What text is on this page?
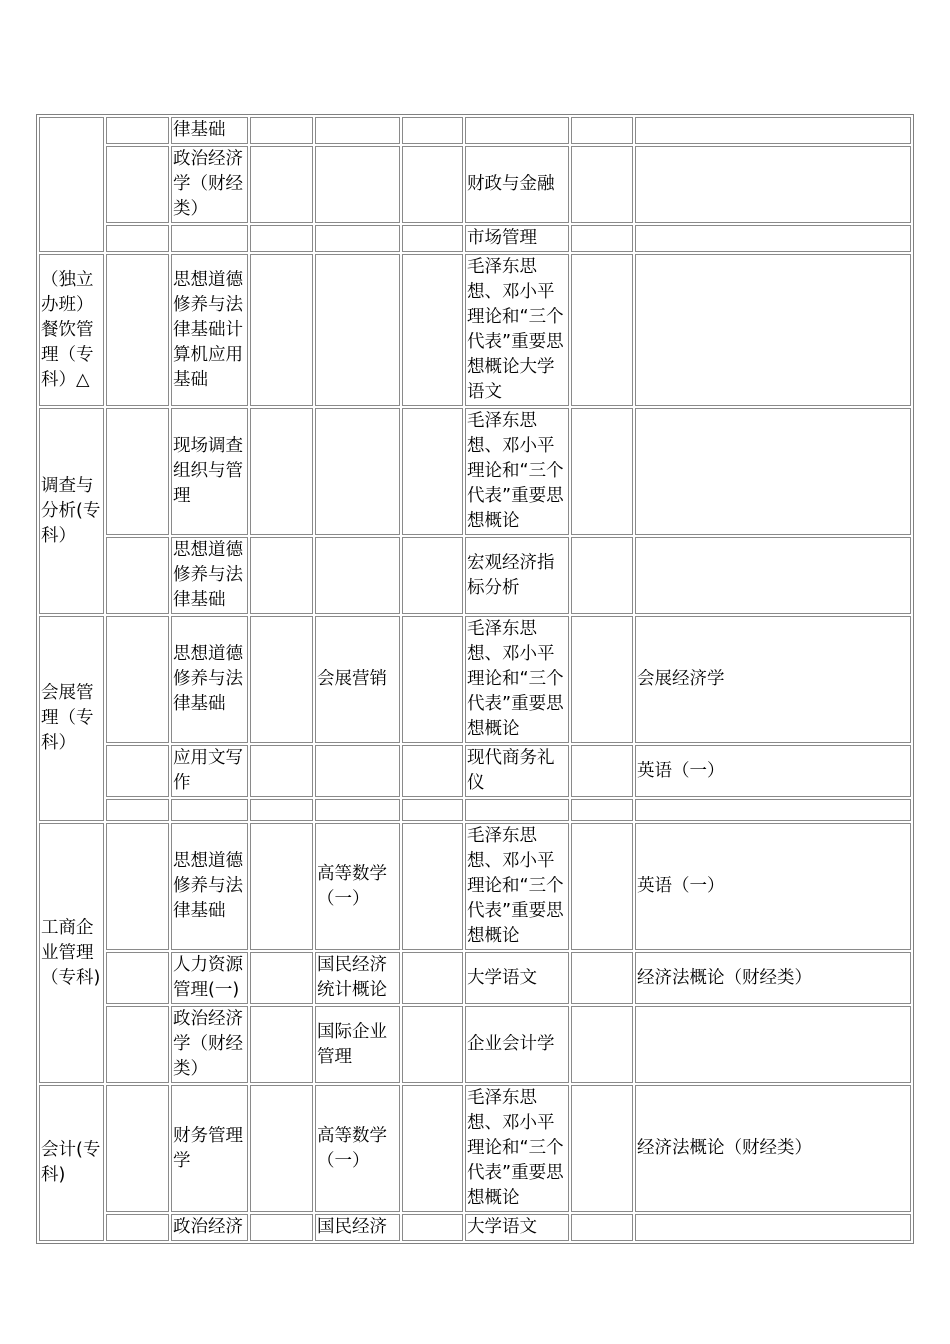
		律基础						
		政治经济学（财经类）				财政与金融		
						市场管理		
（独立办班）餐饮管理（专科）△		思想道德修养与法律基础计算机应用基础				毛泽东思想、邓小平理论和“三个代表”重要思想概论大学语文		
调查与分析(专科）		现场调查组织与管理				毛泽东思想、邓小平理论和“三个代表”重要思想概论		
		思想道德修养与法律基础				宏观经济指标分析		
会展管理（专科）		思想道德修养与法律基础		会展营销		毛泽东思想、邓小平理论和“三个代表”重要思想概论		会展经济学
		应用文写作				现代商务礼仪		英语（一）

工商企业管理（专科)		思想道德修养与法律基础		高等数学（一）		毛泽东思想、邓小平理论和“三个代表”重要思想概论		英语（一）
		人力资源管理(一)		国民经济统计概论		大学语文		经济法概论（财经类）
		政治经济学（财经类）		国际企业管理		企业会计学		
会计(专科)		财务管理学		高等数学（一）		毛泽东思想、邓小平理论和“三个代表”重要思想概论		经济法概论（财经类）
		政治经济		国民经济		大学语文		
